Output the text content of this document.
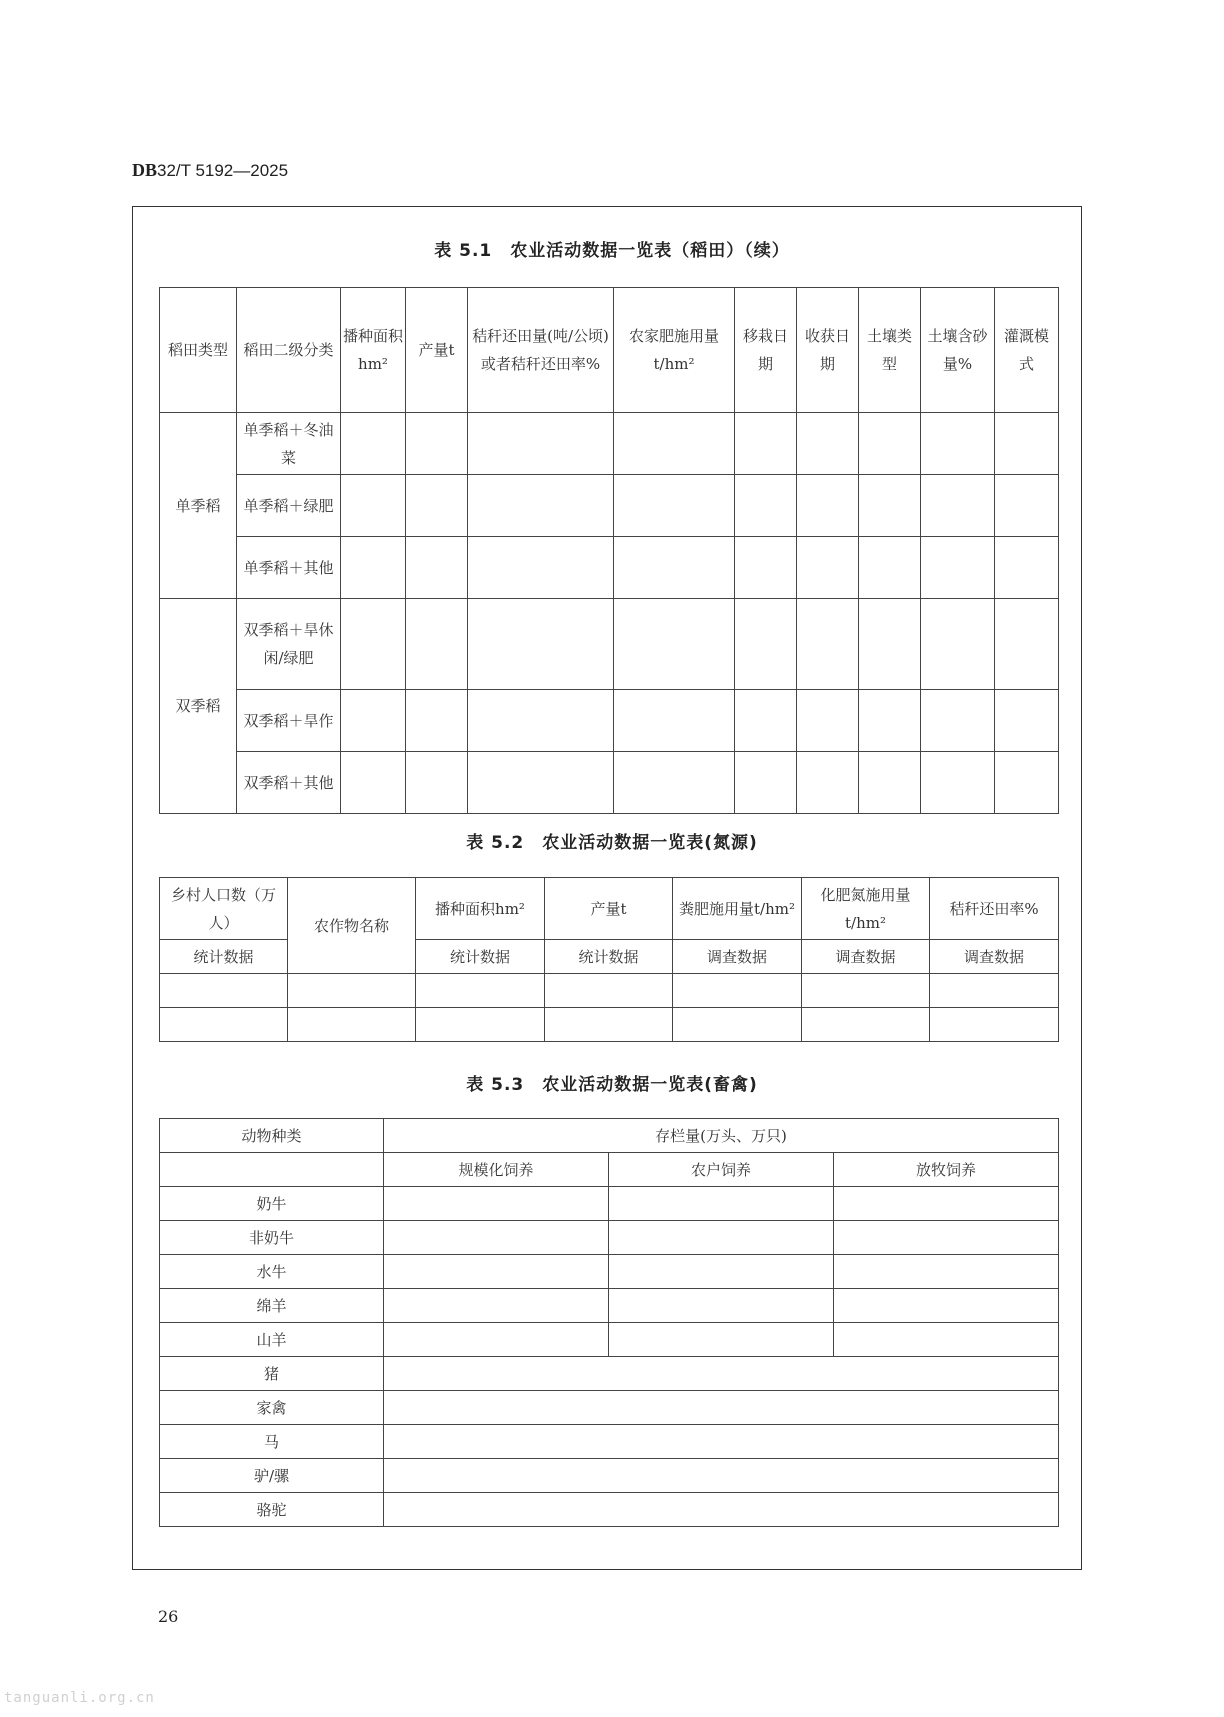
DB32/T 5192—2025
表 5.1　农业活动数据一览表（稻田）（续）
稻田类型	稻田二级分类	播种面积hm²	产量t	秸秆还田量(吨/公顷)或者秸秆还田率%	农家肥施用量t/hm²	移栽日期	收获日期	土壤类型	土壤含砂量%	灌溉模式
单季稻	单季稻＋冬油菜									
	单季稻＋绿肥									
	单季稻＋其他									
双季稻	双季稻＋旱休闲/绿肥									
	双季稻＋旱作									
	双季稻＋其他									
表 5.2　农业活动数据一览表(氮源)
乡村人口数（万人）	农作物名称	播种面积hm²	产量t	粪肥施用量t/hm²	化肥氮施用量t/hm²	秸秆还田率%
统计数据		统计数据	统计数据	调查数据	调查数据	调查数据

表 5.3　农业活动数据一览表(畜禽)
动物种类	存栏量(万头、万只)		
	规模化饲养	农户饲养	放牧饲养
奶牛			
非奶牛			
水牛			
绵羊			
山羊			
猪			
家禽			
马			
驴/骡			
骆驼			
26
tanguanli.org.cn
